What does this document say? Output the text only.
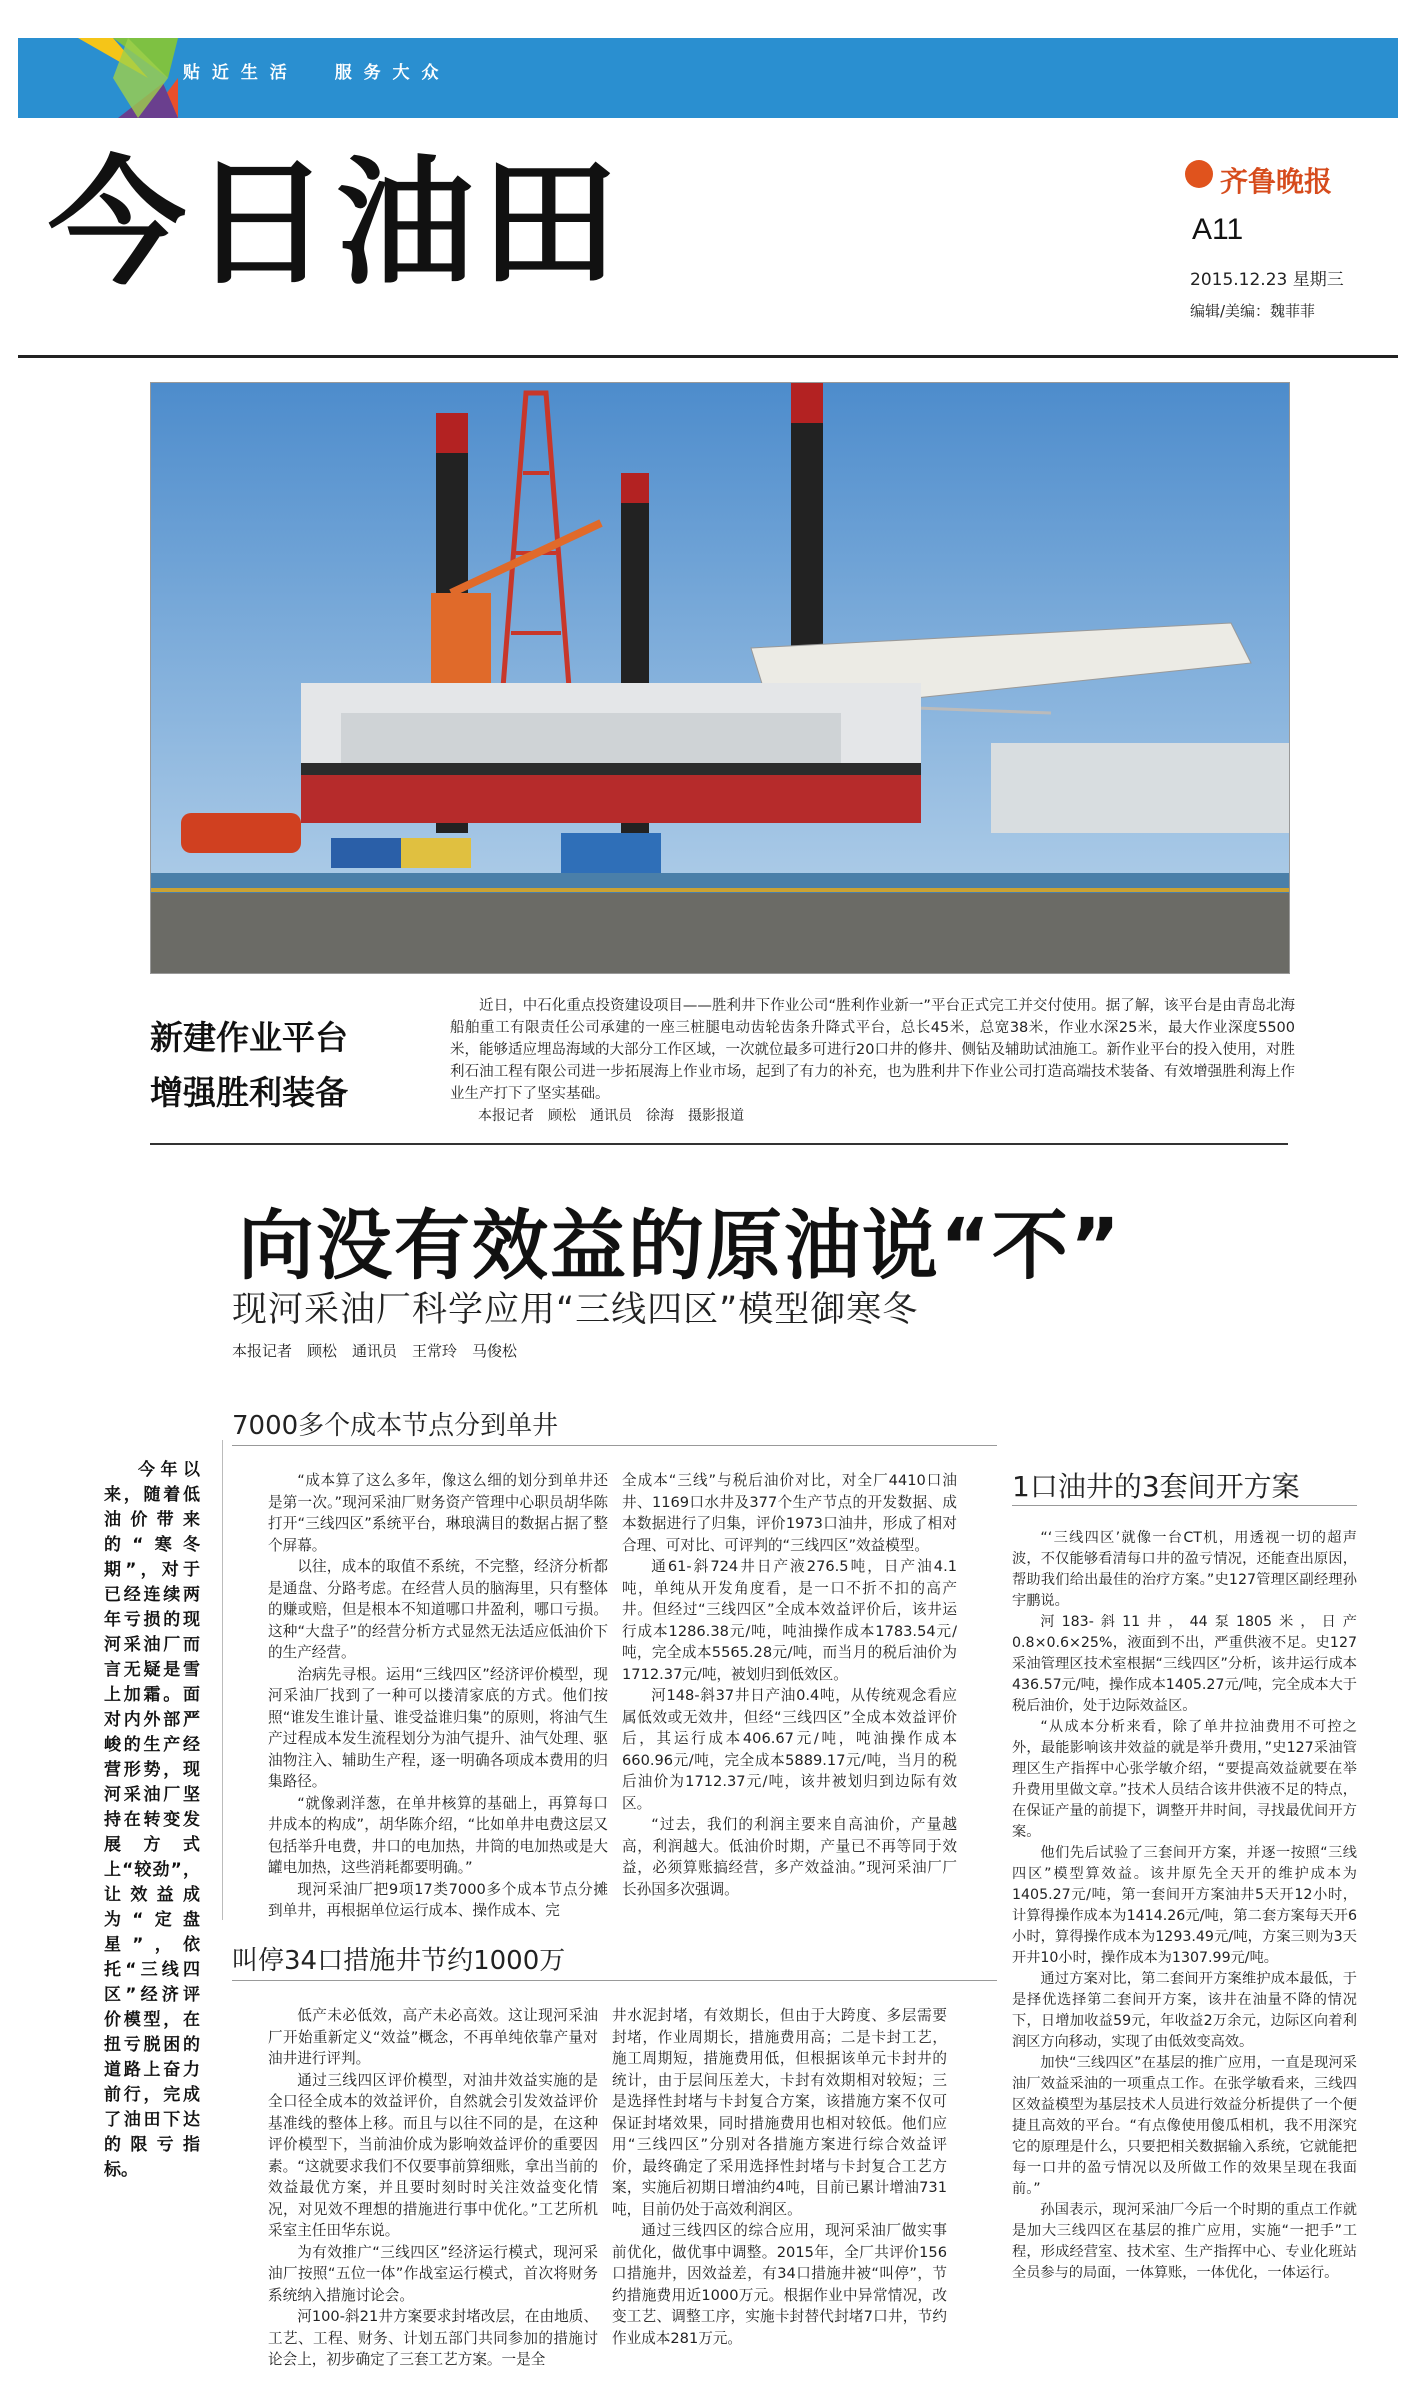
贴 近 生 活	服 务 大 众
今日油田	齐鲁晚报
A11
2015.12.23 星期三
编辑/美编：魏菲菲
新建作业平台
增强胜利装备
近日，中石化重点投资建设项目——胜利井下作业公司“胜利作业新一”平台正式完工并交付使用。据了解，该平台是由青岛北海船舶重工有限责任公司承建的一座三桩腿电动齿轮齿条升降式平台，总长45米，总宽38米，作业水深25米，最大作业深度5500米，能够适应埋岛海域的大部分工作区域，一次就位最多可进行20口井的修井、侧钻及辅助试油施工。新作业平台的投入使用，对胜利石油工程有限公司进一步拓展海上作业市场，起到了有力的补充，也为胜利井下作业公司打造高端技术装备、有效增强胜利海上作业生产打下了坚实基础。
本报记者　顾松　通讯员　徐海　摄影报道
向没有效益的原油说“不”
现河采油厂科学应用“三线四区”模型御寒冬
本报记者　顾松　通讯员　王常玲　马俊松
今年以来，随着低油价带来的“寒冬期”，对于已经连续两年亏损的现河采油厂而言无疑是雪上加霜。面对内外部严峻的生产经营形势，现河采油厂坚持在转变发展方式上“较劲”，让效益成为“定盘星”，依托“三线四区”经济评价模型，在扭亏脱困的道路上奋力前行，完成了油田下达的限亏指标。
7000多个成本节点分到单井

“成本算了这么多年，像这么细的划分到单井还是第一次。”现河采油厂财务资产管理中心职员胡华陈打开“三线四区”系统平台，琳琅满目的数据占据了整个屏幕。

以往，成本的取值不系统，不完整，经济分析都是通盘、分路考虑。在经营人员的脑海里，只有整体的赚或赔，但是根本不知道哪口井盈利，哪口亏损。这种“大盘子”的经营分析方式显然无法适应低油价下的生产经营。

治病先寻根。运用“三线四区”经济评价模型，现河采油厂找到了一种可以搂清家底的方式。他们按照“谁发生谁计量、谁受益谁归集”的原则，将油气生产过程成本发生流程划分为油气提升、油气处理、驱油物注入、辅助生产程，逐一明确各项成本费用的归集路径。

“就像剥洋葱，在单井核算的基础上，再算每口井成本的构成”，胡华陈介绍，“比如单井电费这层又包括举升电费，井口的电加热，井筒的电加热或是大罐电加热，这些消耗都要明确。”

现河采油厂把9项17类7000多个成本节点分摊到单井，再根据单位运行成本、操作成本、完

全成本“三线”与税后油价对比，对全厂4410口油井、1169口水井及377个生产节点的开发数据、成本数据进行了归集，评价1973口油井，形成了相对合理、可对比、可评判的“三线四区”效益模型。

通61-斜724井日产液276.5吨，日产油4.1吨，单纯从开发角度看，是一口不折不扣的高产井。但经过“三线四区”全成本效益评价后，该井运行成本1286.38元/吨，吨油操作成本1783.54元/吨，完全成本5565.28元/吨，而当月的税后油价为1712.37元/吨，被划归到低效区。

河148-斜37井日产油0.4吨，从传统观念看应属低效或无效井，但经“三线四区”全成本效益评价后，其运行成本406.67元/吨，吨油操作成本660.96元/吨，完全成本5889.17元/吨，当月的税后油价为1712.37元/吨，该井被划归到边际有效区。

“过去，我们的利润主要来自高油价，产量越高，利润越大。低油价时期，产量已不再等同于效益，必须算账搞经营，多产效益油。”现河采油厂厂长孙国多次强调。

叫停34口措施井节约1000万

低产未必低效，高产未必高效。这让现河采油厂开始重新定义“效益”概念，不再单纯依靠产量对油井进行评判。

通过三线四区评价模型，对油井效益实施的是全口径全成本的效益评价，自然就会引发效益评价基准线的整体上移。而且与以往不同的是，在这种评价模型下，当前油价成为影响效益评价的重要因素。“这就要求我们不仅要事前算细账，拿出当前的效益最优方案，并且要时刻时时关注效益变化情况，对见效不理想的措施进行事中优化。”工艺所机采室主任田华东说。

为有效推广“三线四区”经济运行模式，现河采油厂按照“五位一体”作战室运行模式，首次将财务系统纳入措施讨论会。

河100-斜21井方案要求封堵改层，在由地质、工艺、工程、财务、计划五部门共同参加的措施讨论会上，初步确定了三套工艺方案。一是全

井水泥封堵，有效期长，但由于大跨度、多层需要封堵，作业周期长，措施费用高；二是卡封工艺，施工周期短，措施费用低，但根据该单元卡封井的统计，由于层间压差大，卡封有效期相对较短；三是选择性封堵与卡封复合方案，该措施方案不仅可保证封堵效果，同时措施费用也相对较低。他们应用“三线四区”分别对各措施方案进行综合效益评价，最终确定了采用选择性封堵与卡封复合工艺方案，实施后初期日增油约4吨，目前已累计增油731吨，目前仍处于高效利润区。

通过三线四区的综合应用，现河采油厂做实事前优化，做优事中调整。2015年，全厂共评价156口措施井，因效益差，有34口措施井被“叫停”，节约措施费用近1000万元。根据作业中异常情况，改变工艺、调整工序，实施卡封替代封堵7口井，节约作业成本281万元。

1口油井的3套间开方案

“‘三线四区’就像一台CT机，用透视一切的超声波，不仅能够看清每口井的盈亏情况，还能查出原因，帮助我们给出最佳的治疗方案。”史127管理区副经理孙宇鹏说。

河183-斜11井，44泵1805米，日产0.8×0.6×25%，液面到不出，严重供液不足。史127采油管理区技术室根据“三线四区”分析，该井运行成本436.57元/吨，操作成本1405.27元/吨，完全成本大于税后油价，处于边际效益区。

“从成本分析来看，除了单井拉油费用不可控之外，最能影响该井效益的就是举升费用，”史127采油管理区生产指挥中心张学敏介绍，“要提高效益就要在举升费用里做文章。”技术人员结合该井供液不足的特点，在保证产量的前提下，调整开井时间，寻找最优间开方案。

他们先后试验了三套间开方案，并逐一按照“三线四区”模型算效益。该井原先全天开的维护成本为1405.27元/吨，第一套间开方案油井5天开12小时，计算得操作成本为1414.26元/吨，第二套方案每天开6小时，算得操作成本为1293.49元/吨，方案三则为3天开井10小时，操作成本为1307.99元/吨。

通过方案对比，第二套间开方案维护成本最低，于是择优选择第二套间开方案，该井在油量不降的情况下，日增加收益59元，年收益2万余元，边际区向着利润区方向移动，实现了由低效变高效。

加快“三线四区”在基层的推广应用，一直是现河采油厂效益采油的一项重点工作。在张学敏看来，三线四区效益模型为基层技术人员进行效益分析提供了一个便捷且高效的平台。“有点像使用傻瓜相机，我不用深究它的原理是什么，只要把相关数据输入系统，它就能把每一口井的盈亏情况以及所做工作的效果呈现在我面前。”

孙国表示，现河采油厂今后一个时期的重点工作就是加大三线四区在基层的推广应用，实施“一把手”工程，形成经营室、技术室、生产指挥中心、专业化班站全员参与的局面，一体算账，一体优化，一体运行。
